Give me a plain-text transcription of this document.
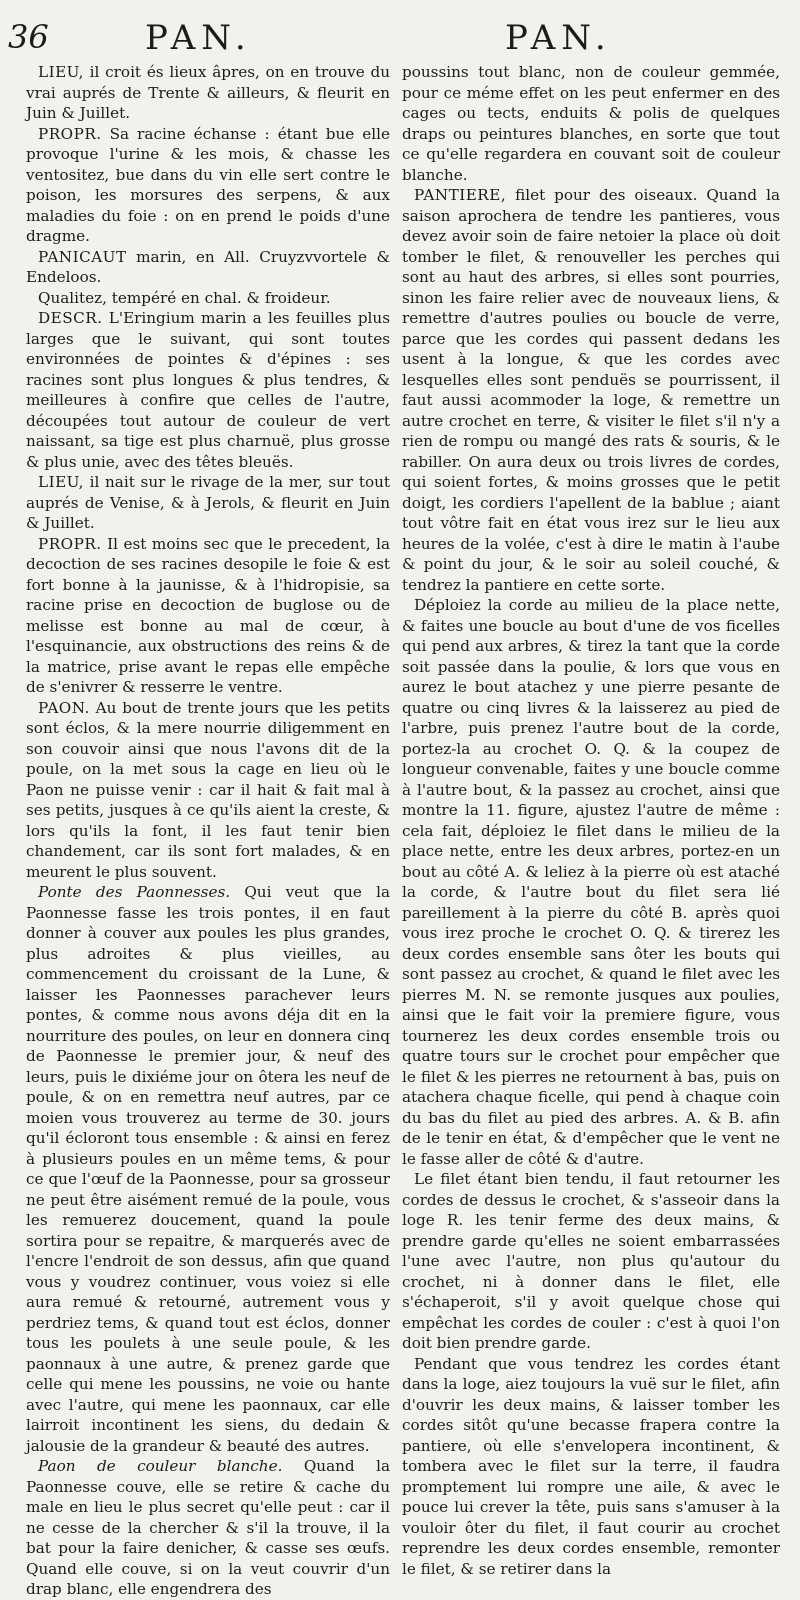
36	PAN.	PAN.

LIEU, il croit és lieux âpres, on en trouve du vrai auprés de Trente & ailleurs, & fleurit en Juin & Juillet.

PROPR. Sa racine échanse : étant bue elle provoque l'urine & les mois, & chasse les ventositez, bue dans du vin elle sert contre le poison, les morsures des serpens, & aux maladies du foie : on en prend le poids d'une dragme.

PANICAUT marin, en All. Cruyzvvortele & Endeloos.

Qualitez, tempéré en chal. & froideur.

DESCR. L'Eringium marin a les feuilles plus larges que le suivant, qui sont toutes environnées de pointes & d'épines : ses racines sont plus longues & plus tendres, & meilleures à confire que celles de l'autre, découpées tout autour de couleur de vert naissant, sa tige est plus charnuë, plus grosse & plus unie, avec des têtes bleuës.

LIEU, il nait sur le rivage de la mer, sur tout auprés de Venise, & à Jerols, & fleurit en Juin & Juillet.

PROPR. Il est moins sec que le precedent, la decoction de ses racines desopile le foie & est fort bonne à la jaunisse, & à l'hidropisie, sa racine prise en decoction de buglose ou de melisse est bonne au mal de cœur, à l'esquinancie, aux obstructions des reins & de la matrice, prise avant le repas elle empêche de s'enivrer & resserre le ventre.

PAON. Au bout de trente jours que les petits sont éclos, & la mere nourrie diligemment en son couvoir ainsi que nous l'avons dit de la poule, on la met sous la cage en lieu où le Paon ne puisse venir : car il hait & fait mal à ses petits, jusques à ce qu'ils aient la creste, & lors qu'ils la font, il les faut tenir bien chandement, car ils sont fort malades, & en meurent le plus souvent.

Ponte des Paonnesses. Qui veut que la Paonnesse fasse les trois pontes, il en faut donner à couver aux poules les plus grandes, plus adroites & plus vieilles, au commencement du croissant de la Lune, & laisser les Paonnesses parachever leurs pontes, & comme nous avons déja dit en la nourriture des poules, on leur en donnera cinq de Paonnesse le premier jour, & neuf des leurs, puis le dixiéme jour on ôtera les neuf de poule, & on en remettra neuf autres, par ce moien vous trouverez au terme de 30. jours qu'il écloront tous ensemble : & ainsi en ferez à plusieurs poules en un même tems, & pour ce que l'œuf de la Paonnesse, pour sa grosseur ne peut être aisément remué de la poule, vous les remuerez doucement, quand la poule sortira pour se repaitre, & marquerés avec de l'encre l'endroit de son dessus, afin que quand vous y voudrez continuer, vous voiez si elle aura remué & retourné, autrement vous y perdriez tems, & quand tout est éclos, donner tous les poulets à une seule poule, & les paonnaux à une autre, & prenez garde que celle qui mene les poussins, ne voie ou hante avec l'autre, qui mene les paonnaux, car elle lairroit incontinent les siens, du dedain & jalousie de la grandeur & beauté des autres.

Paon de couleur blanche. Quand la Paonnesse couve, elle se retire & cache du male en lieu le plus secret qu'elle peut : car il ne cesse de la chercher & s'il la trouve, il la bat pour la faire denicher, & casse ses œufs. Quand elle couve, si on la veut couvrir d'un drap blanc, elle engendrera des

poussins tout blanc, non de couleur gemmée, pour ce méme effet on les peut enfermer en des cages ou tects, enduits & polis de quelques draps ou peintures blanches, en sorte que tout ce qu'elle regardera en couvant soit de couleur blanche.

PANTIERE, filet pour des oiseaux. Quand la saison aprochera de tendre les pantieres, vous devez avoir soin de faire netoier la place où doit tomber le filet, & renouveller les perches qui sont au haut des arbres, si elles sont pourries, sinon les faire relier avec de nouveaux liens, & remettre d'autres poulies ou boucle de verre, parce que les cordes qui passent dedans les usent à la longue, & que les cordes avec lesquelles elles sont penduës se pourrissent, il faut aussi acommoder la loge, & remettre un autre crochet en terre, & visiter le filet s'il n'y a rien de rompu ou mangé des rats & souris, & le rabiller. On aura deux ou trois livres de cordes, qui soient fortes, & moins grosses que le petit doigt, les cordiers l'apellent de la bablue ; aiant tout vôtre fait en état vous irez sur le lieu aux heures de la volée, c'est à dire le matin à l'aube & point du jour, & le soir au soleil couché, & tendrez la pantiere en cette sorte.

Déploiez la corde au milieu de la place nette, & faites une boucle au bout d'une de vos ficelles qui pend aux arbres, & tirez la tant que la corde soit passée dans la poulie, & lors que vous en aurez le bout atachez y une pierre pesante de quatre ou cinq livres & la laisserez au pied de l'arbre, puis prenez l'autre bout de la corde, portez-la au crochet O. Q. & la coupez de longueur convenable, faites y une boucle comme à l'autre bout, & la passez au crochet, ainsi que montre la 11. figure, ajustez l'autre de même : cela fait, déploiez le filet dans le milieu de la place nette, entre les deux arbres, portez-en un bout au côté A. & leliez à la pierre où est ataché la corde, & l'autre bout du filet sera lié pareillement à la pierre du côté B. après quoi vous irez proche le crochet O. Q. & tirerez les deux cordes ensemble sans ôter les bouts qui sont passez au crochet, & quand le filet avec les pierres M. N. se remonte jusques aux poulies, ainsi que le fait voir la premiere figure, vous tournerez les deux cordes ensemble trois ou quatre tours sur le crochet pour empêcher que le filet & les pierres ne retournent à bas, puis on atachera chaque ficelle, qui pend à chaque coin du bas du filet au pied des arbres. A. & B. afin de le tenir en état, & d'empêcher que le vent ne le fasse aller de côté & d'autre.

Le filet étant bien tendu, il faut retourner les cordes de dessus le crochet, & s'asseoir dans la loge R. les tenir ferme des deux mains, & prendre garde qu'elles ne soient embarrassées l'une avec l'autre, non plus qu'autour du crochet, ni à donner dans le filet, elle s'échaperoit, s'il y avoit quelque chose qui empêchat les cordes de couler : c'est à quoi l'on doit bien prendre garde.

Pendant que vous tendrez les cordes étant dans la loge, aiez toujours la vuë sur le filet, afin d'ouvrir les deux mains, & laisser tomber les cordes sitôt qu'une becasse frapera contre la pantiere, où elle s'envelopera incontinent, & tombera avec le filet sur la terre, il faudra promptement lui rompre une aile, & avec le pouce lui crever la tête, puis sans s'amuser à la vouloir ôter du filet, il faut courir au crochet reprendre les deux cordes ensemble, remonter le filet, & se retirer dans la
